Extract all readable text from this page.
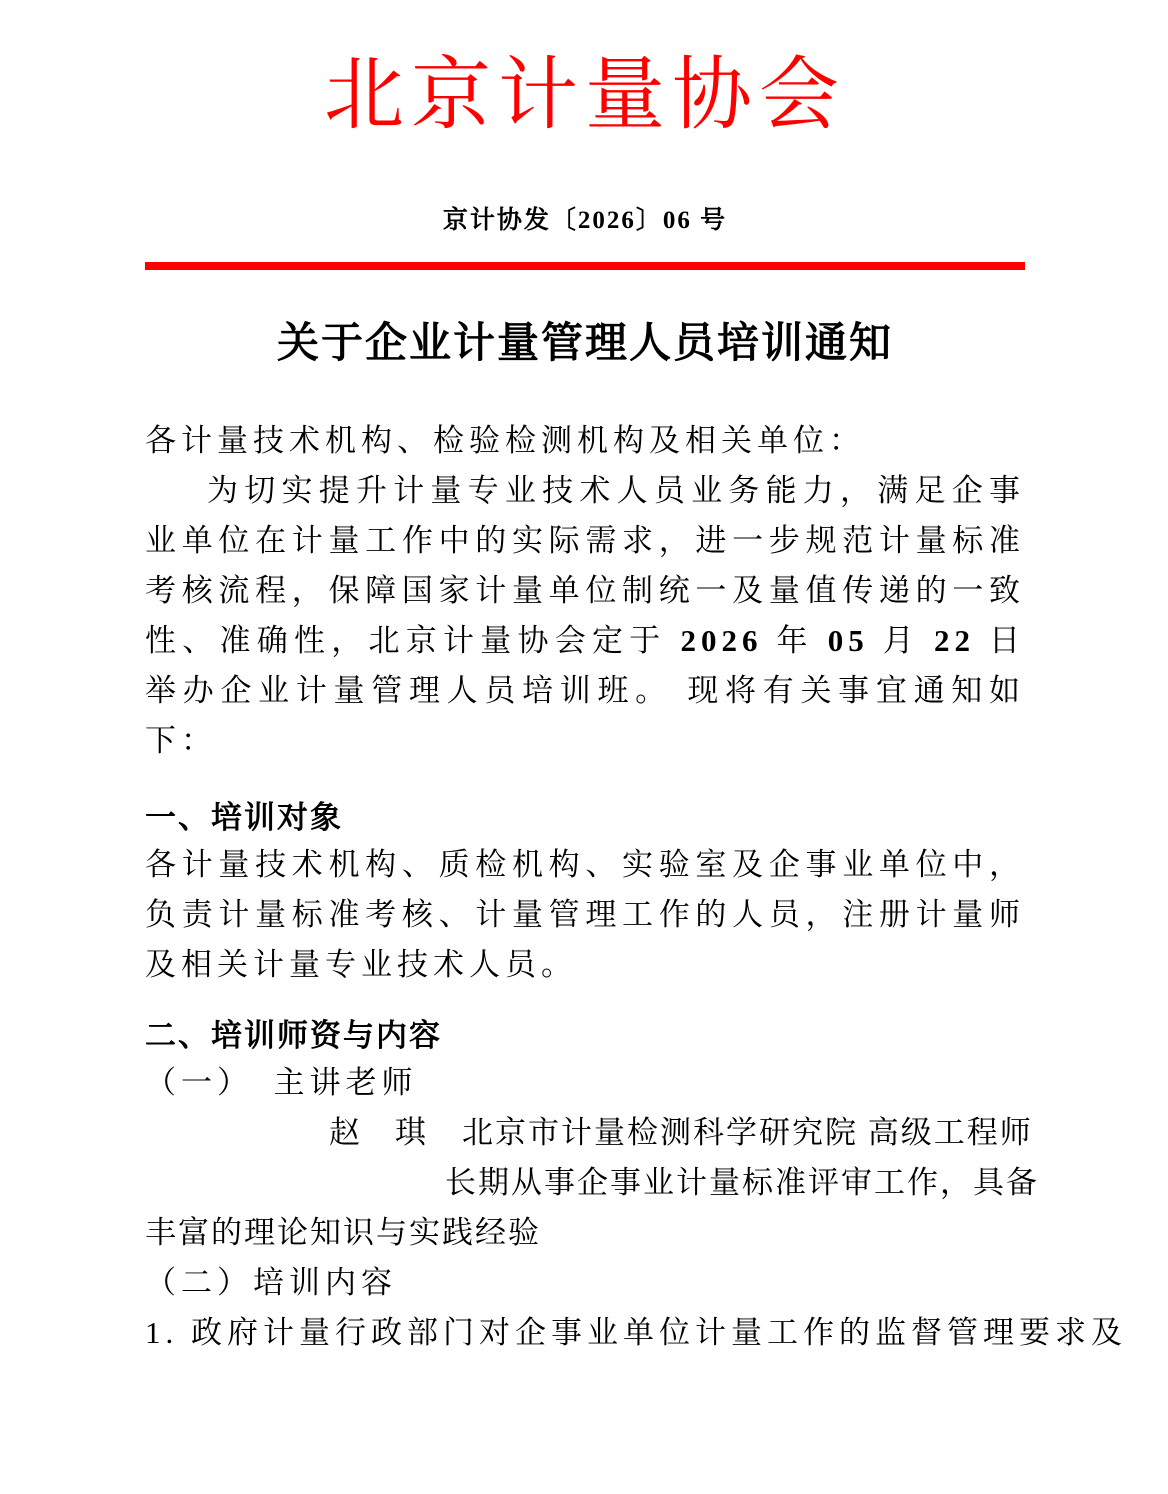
北京计量协会
京计协发〔2026〕06 号
关于企业计量管理人员培训通知

各计量技术机构、检验检测机构及相关单位：

为切实提升计量专业技术人员业务能力，满足企事业单位在计量工作中的实际需求，进一步规范计量标准考核流程，保障国家计量单位制统一及量值传递的一致性、准确性，北京计量协会定于 2026 年 05 月 22 日举办企业计量管理人员培训班。 现将有关事宜通知如下：

一、培训对象

各计量技术机构、质检机构、实验室及企事业单位中，负责计量标准考核、计量管理工作的人员，注册计量师及相关计量专业技术人员。

二、培训师资与内容

（一）　主讲老师

赵　琪 北京市计量检测科学研究院 高级工程师

长期从事企事业计量标准评审工作，具备

丰富的理论知识与实践经验

（二）培训内容

1. 政府计量行政部门对企事业单位计量工作的监督管理要求及
